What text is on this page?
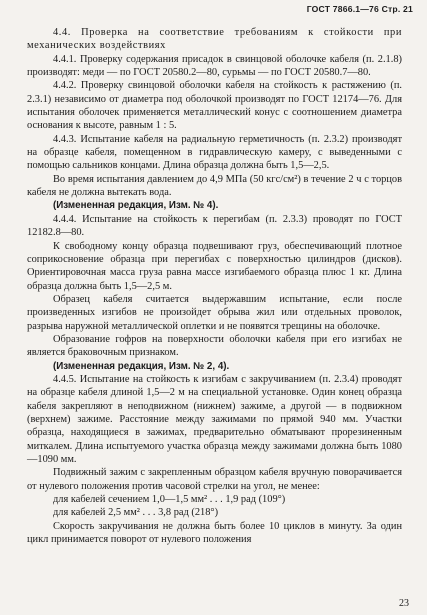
ГОСТ 7866.1—76 Стр. 21

4.4. Проверка на соответствие требованиям к стойкости при механических воздействиях

4.4.1. Проверку содержания присадок в свинцовой оболочке кабеля (п. 2.1.8) производят: меди — по ГОСТ 20580.2—80, сурьмы — по ГОСТ 20580.7—80.

4.4.2. Проверку свинцовой оболочки кабеля на стойкость к растяжению (п. 2.3.1) независимо от диаметра под оболочкой производят по ГОСТ 12174—76. Для испытания оболочек применяется металлический конус с соотношением диаметра основания к высоте, равным 1 : 5.

4.4.3. Испытание кабеля на радиальную герметичность (п. 2.3.2) производят на образце кабеля, помещенном в гидравлическую камеру, с выведенными с помощью сальников концами. Длина образца должна быть 1,5—2,5.

Во время испытания давлением до 4,9 МПа (50 кгс/см²) в течение 2 ч с торцов кабеля не должна вытекать вода.

(Измененная редакция, Изм. № 4).

4.4.4. Испытание на стойкость к перегибам (п. 2.3.3) проводят по ГОСТ 12182.8—80.

К свободному концу образца подвешивают груз, обеспечивающий плотное соприкосновение образца при перегибах с поверхностью цилиндров (дисков). Ориентировочная масса груза равна массе изгибаемого образца плюс 1 кг. Длина образца должна быть 1,5—2,5 м.

Образец кабеля считается выдержавшим испытание, если после произведенных изгибов не произойдет обрыва жил или отдельных проволок, разрыва наружной металлической оплетки и не появятся трещины на оболочке.

Образование гофров на поверхности оболочки кабеля при его изгибах не является браковочным признаком.

(Измененная редакция, Изм. № 2, 4).

4.4.5. Испытание на стойкость к изгибам с закручиванием (п. 2.3.4) проводят на образце кабеля длиной 1,5—2 м на специальной установке. Один конец образца кабеля закрепляют в неподвижном (нижнем) зажиме, а другой — в подвижном (верхнем) зажиме. Расстояние между зажимами по прямой 940 мм. Участки образца, находящиеся в зажимах, предварительно обматывают прорезиненным миткалем. Длина испытуемого участка образца между зажимами должна быть 1080—1090 мм.

Подвижный зажим с закрепленным образцом кабеля вручную поворачивается от нулевого положения против часовой стрелки на угол, не менее:

для кабелей сечением 1,0—1,5 мм² . . . 1,9 рад (109°)

для кабелей 2,5 мм² . . . 3,8 рад (218°)

Скорость закручивания не должна быть более 10 циклов в минуту. За один цикл принимается поворот от нулевого положения

23
